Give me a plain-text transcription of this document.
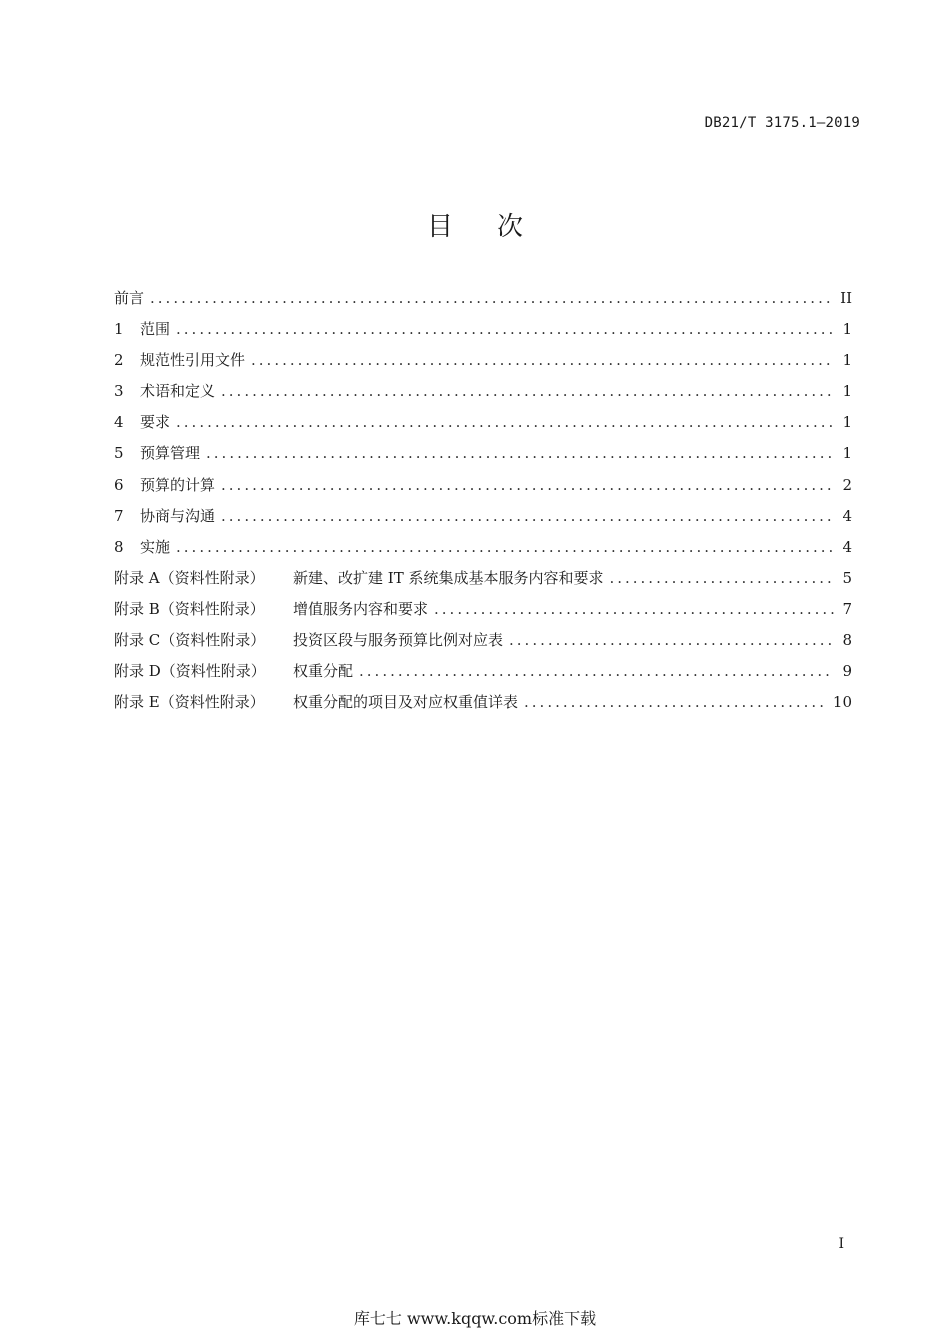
DB21/T 3175.1—2019
目次
前言 .....	II
1	范围 .....	1
2	规范性引用文件 .....	1
3	术语和定义 .....	1
4	要求 .....	1
5	预算管理 .....	1
6	预算的计算 .....	2
7	协商与沟通 .....	4
8	实施 .....	4
附录 A（资料性附录）	新建、改扩建 IT 系统集成基本服务内容和要求 .....	5
附录 B（资料性附录）	增值服务内容和要求 .....	7
附录 C（资料性附录）	投资区段与服务预算比例对应表 .....	8
附录 D（资料性附录）	权重分配 .....	9
附录 E（资料性附录）	权重分配的项目及对应权重值详表 .....	10
I
库七七 www.kqqw.com标准下载
